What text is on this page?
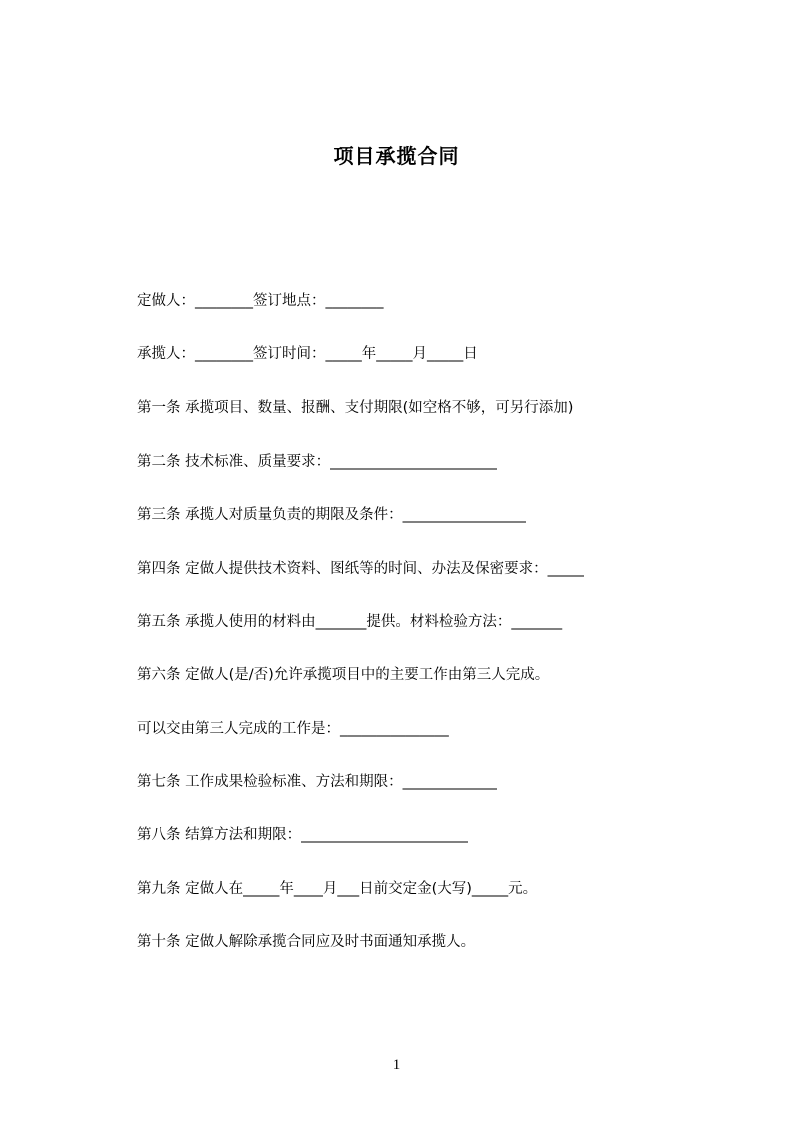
项目承揽合同
定做人：________签订地点：________
承揽人：________签订时间：_____年_____月_____日
第一条 承揽项目、数量、报酬、支付期限(如空格不够，可另行添加)
第二条 技术标准、质量要求：_______________________
第三条 承揽人对质量负责的期限及条件：_________________
第四条 定做人提供技术资料、图纸等的时间、办法及保密要求：_____
第五条 承揽人使用的材料由_______提供。材料检验方法：_______
第六条 定做人(是/否)允许承揽项目中的主要工作由第三人完成。
可以交由第三人完成的工作是：_______________
第七条 工作成果检验标准、方法和期限：_____________
第八条 结算方法和期限：_______________________
第九条 定做人在_____年____月___日前交定金(大写)_____元。
第十条 定做人解除承揽合同应及时书面通知承揽人。
1
